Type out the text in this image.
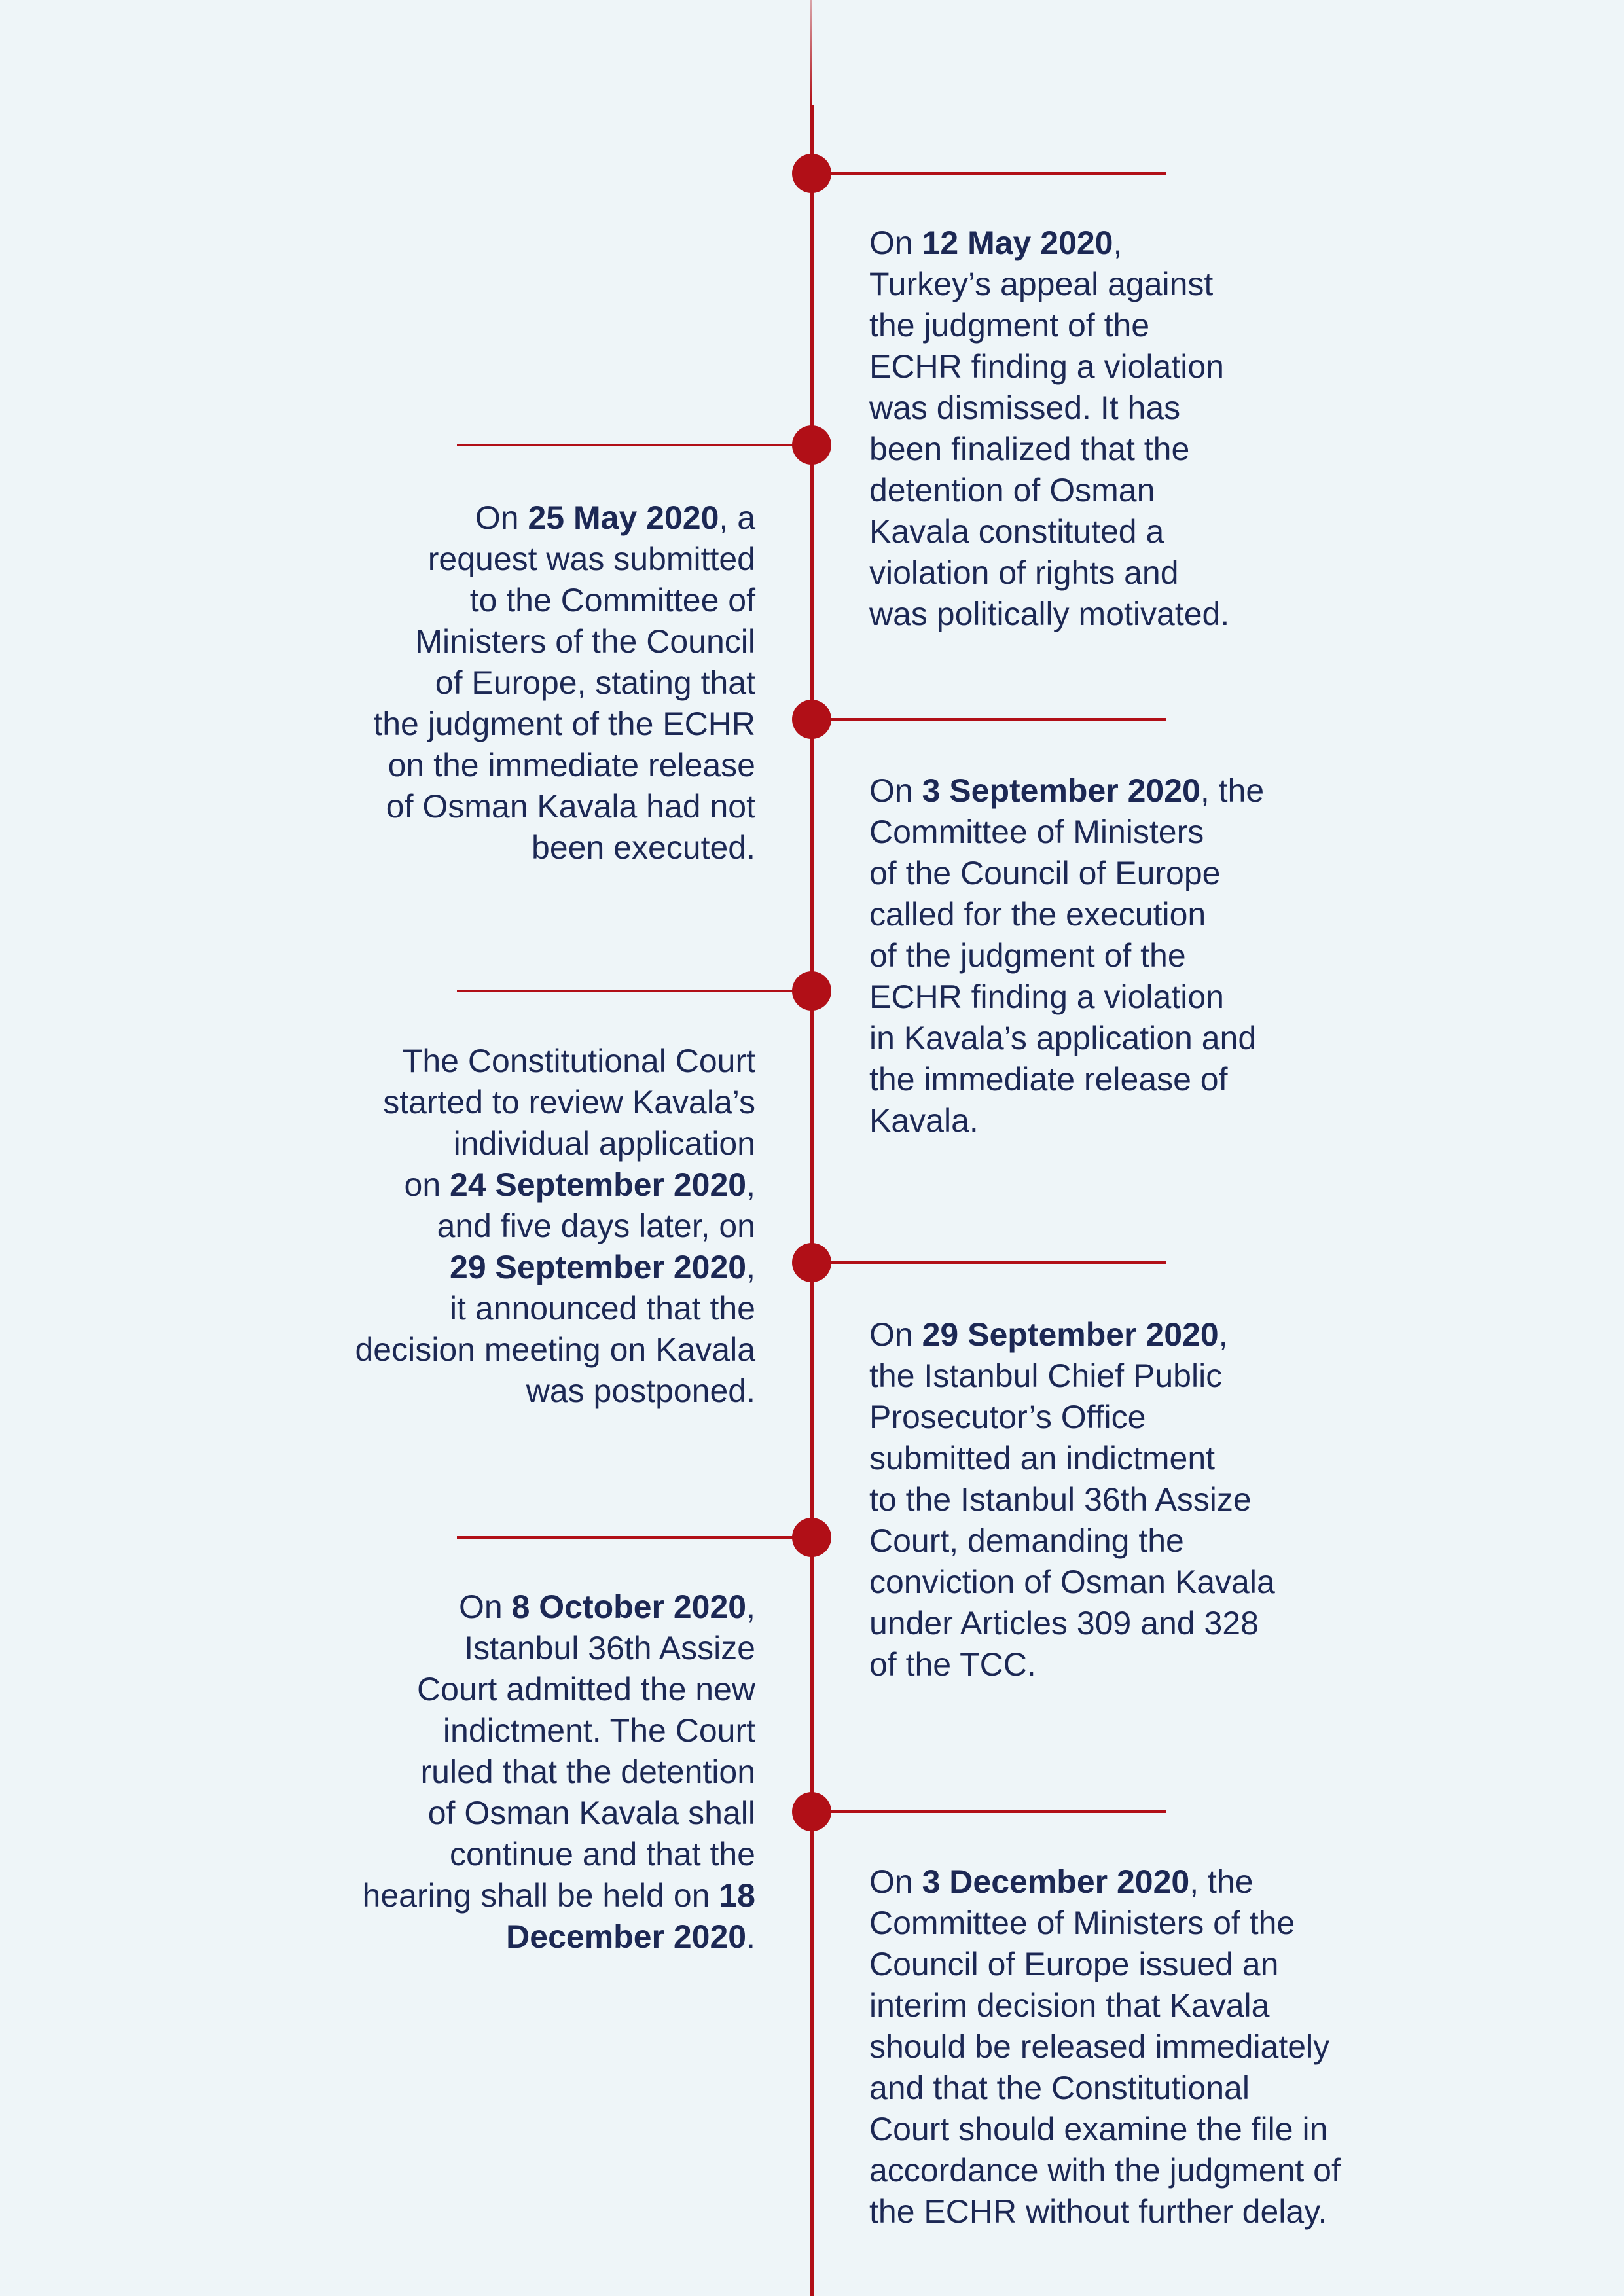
On 12 May 2020,
Turkey’s appeal against
the judgment of the
ECHR finding a violation
was dismissed. It has
been finalized that the
detention of Osman
Kavala constituted a
violation of rights and
was politically motivated.
On 25 May 2020, a
request was submitted
to the Committee of
Ministers of the Council
of Europe, stating that
the judgment of the ECHR
on the immediate release
of Osman Kavala had not
been executed.
On 3 September 2020, the
Committee of Ministers
of the Council of Europe
called for the execution
of the judgment of the
ECHR finding a violation
in Kavala’s application and
the immediate release of
Kavala.
The Constitutional Court
started to review Kavala’s
individual application
on 24 September 2020,
and five days later, on
29 September 2020,
it announced that the
decision meeting on Kavala
was postponed.
On 29 September 2020,
the Istanbul Chief Public
Prosecutor’s Office
submitted an indictment
to the Istanbul 36th Assize
Court, demanding the
conviction of Osman Kavala
under Articles 309 and 328
of the TCC.
On 8 October 2020,
Istanbul 36th Assize
Court admitted the new
indictment. The Court
ruled that the detention
of Osman Kavala shall
continue and that the
hearing shall be held on 18
December 2020.
On 3 December 2020, the
Committee of Ministers of the
Council of Europe issued an
interim decision that Kavala
should be released immediately
and that the Constitutional
Court should examine the file in
accordance with the judgment of
the ECHR without further delay.
